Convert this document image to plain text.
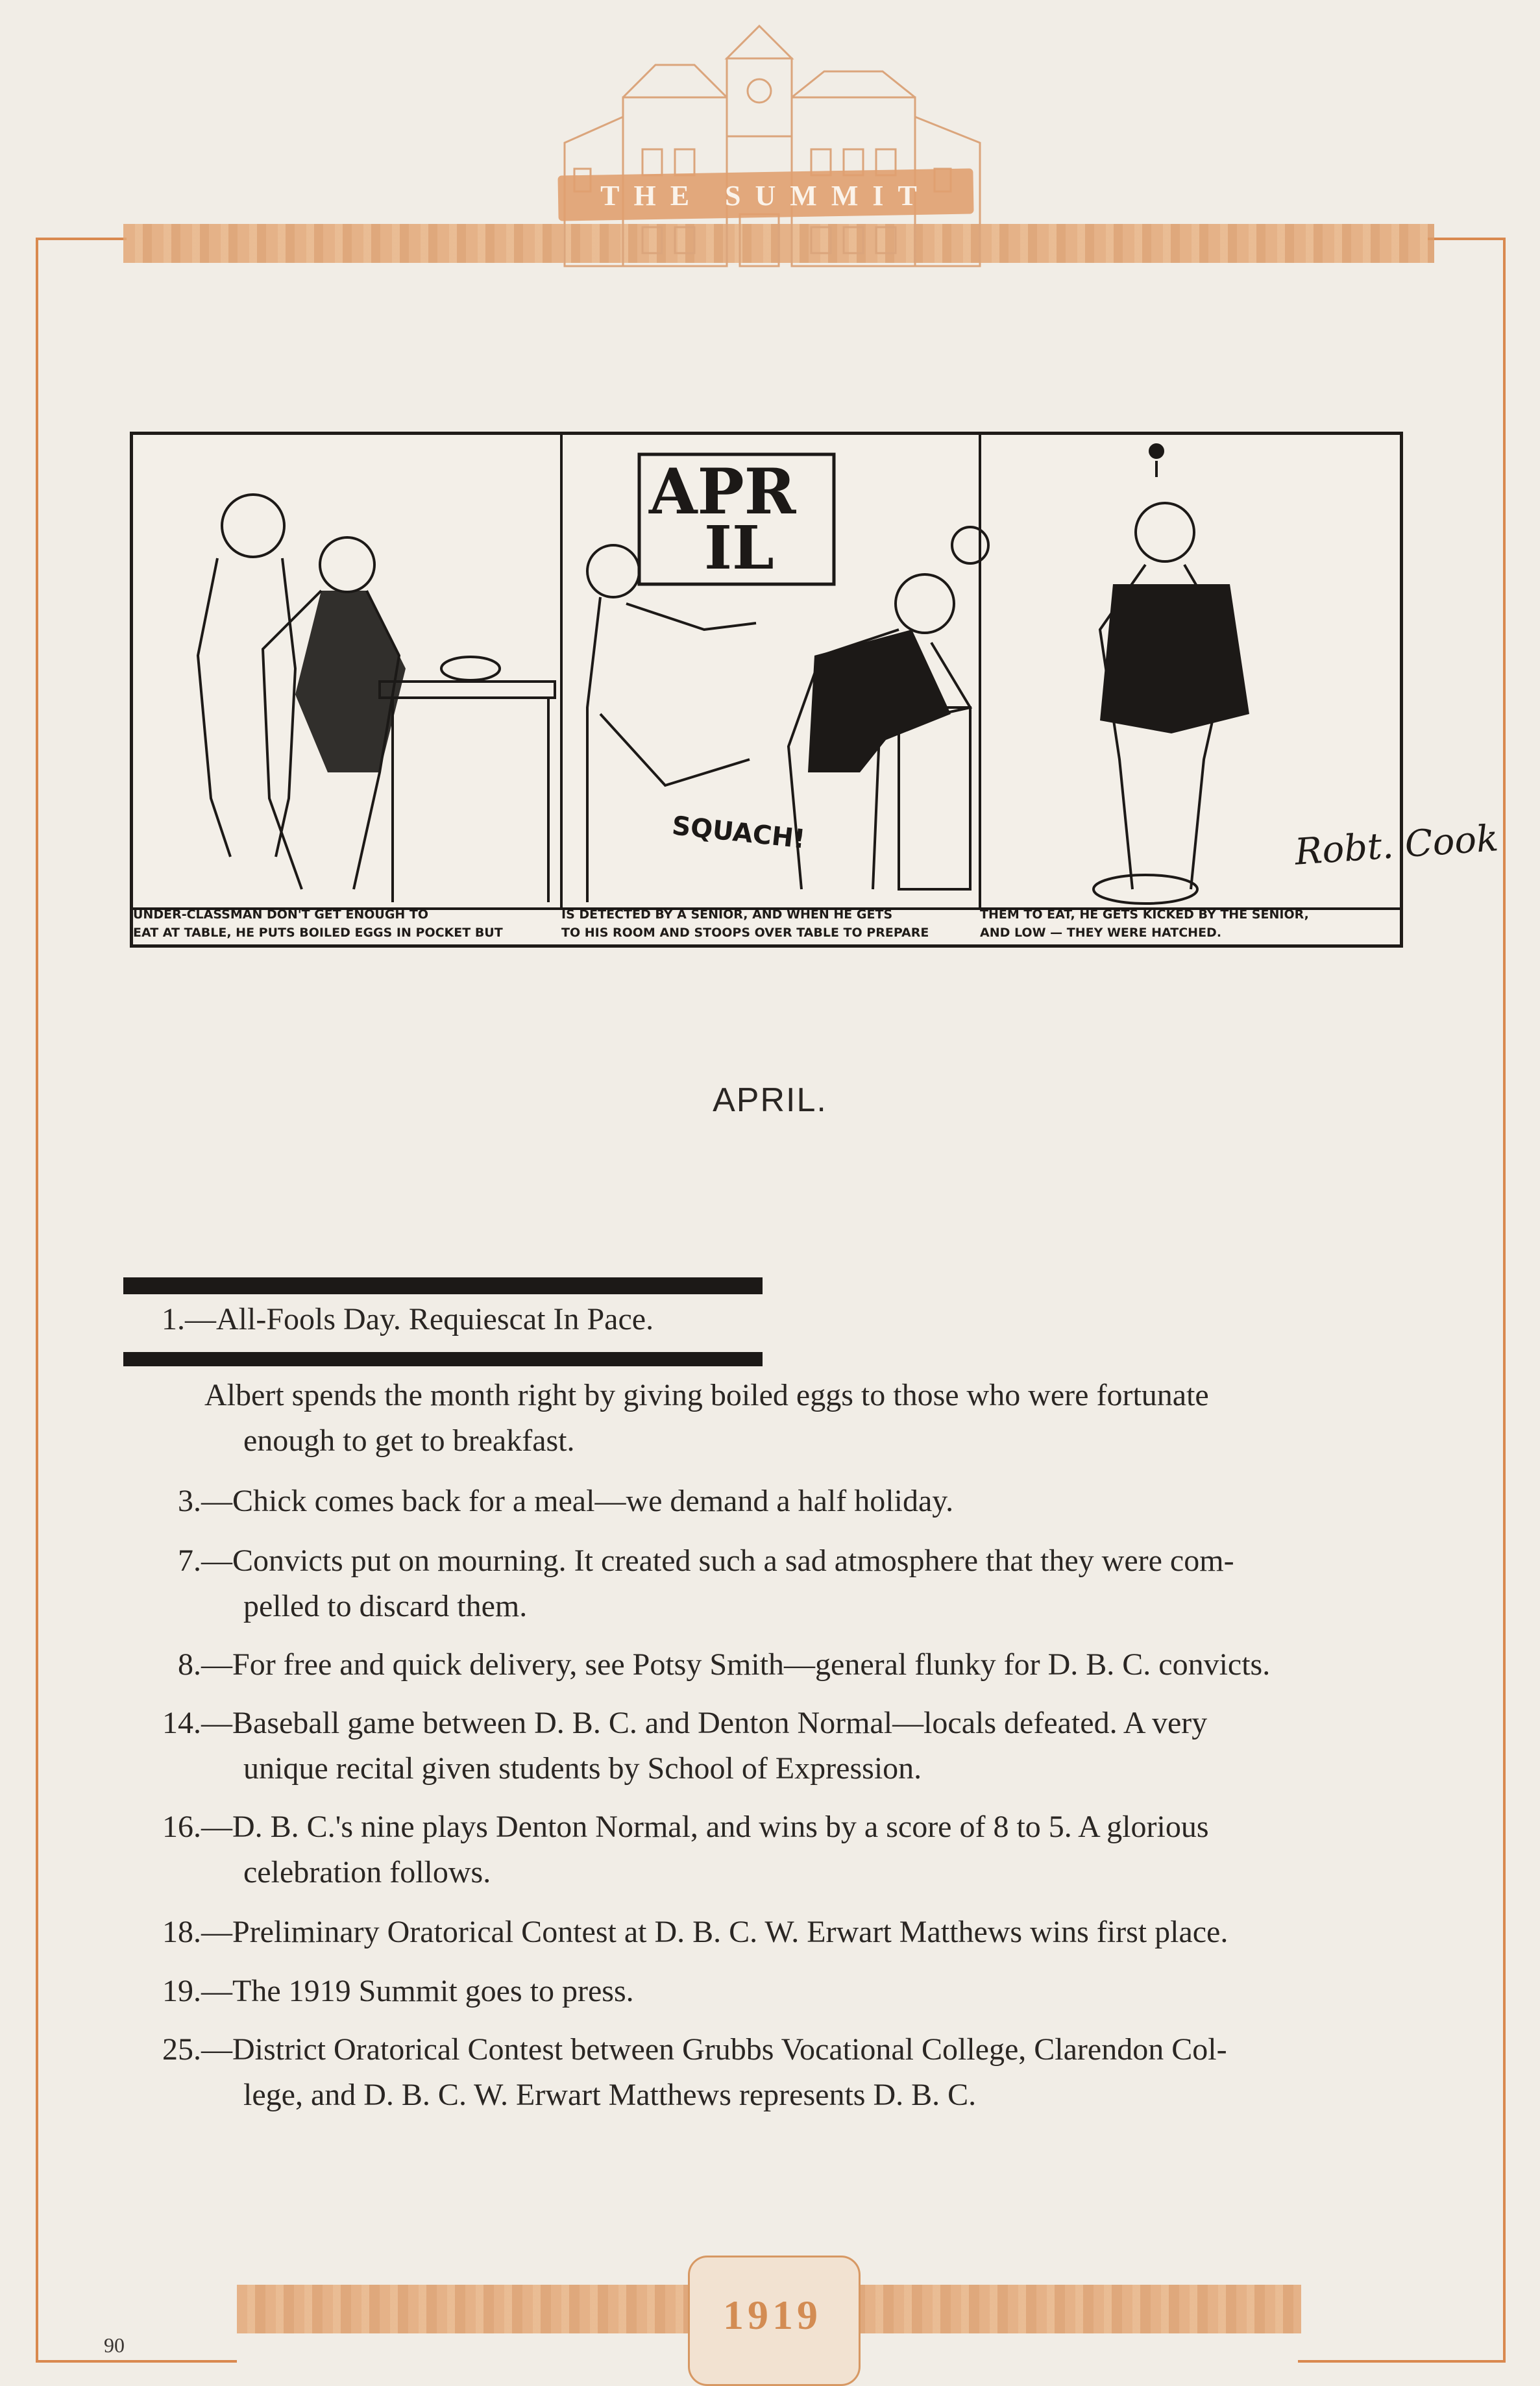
THE SUMMIT
APR
IL
SQUACH!
UNDER-CLASSMAN DON'T GET ENOUGH TO
EAT AT TABLE, HE PUTS BOILED EGGS IN POCKET BUT
IS DETECTED BY A SENIOR, AND WHEN HE GETS
TO HIS ROOM AND STOOPS OVER TABLE TO PREPARE
THEM TO EAT, HE GETS KICKED BY THE SENIOR,
AND LOW — THEY WERE HATCHED.
Robt. Cook
APRIL.
1.—All-Fools Day. Requiescat In Pace.
Albert spends the month right by giving boiled eggs to those who were fortunate
enough to get to breakfast.
3.—Chick comes back for a meal—we demand a half holiday.
7.—Convicts put on mourning. It created such a sad atmosphere that they were com-
pelled to discard them.
8.—For free and quick delivery, see Potsy Smith—general flunky for D. B. C. convicts.
14.—Baseball game between D. B. C. and Denton Normal—locals defeated. A very
unique recital given students by School of Expression.
16.—D. B. C.'s nine plays Denton Normal, and wins by a score of 8 to 5. A glorious
celebration follows.
18.—Preliminary Oratorical Contest at D. B. C. W. Erwart Matthews wins first place.
19.—The 1919 Summit goes to press.
25.—District Oratorical Contest between Grubbs Vocational College, Clarendon Col-
lege, and D. B. C. W. Erwart Matthews represents D. B. C.
1919
90
